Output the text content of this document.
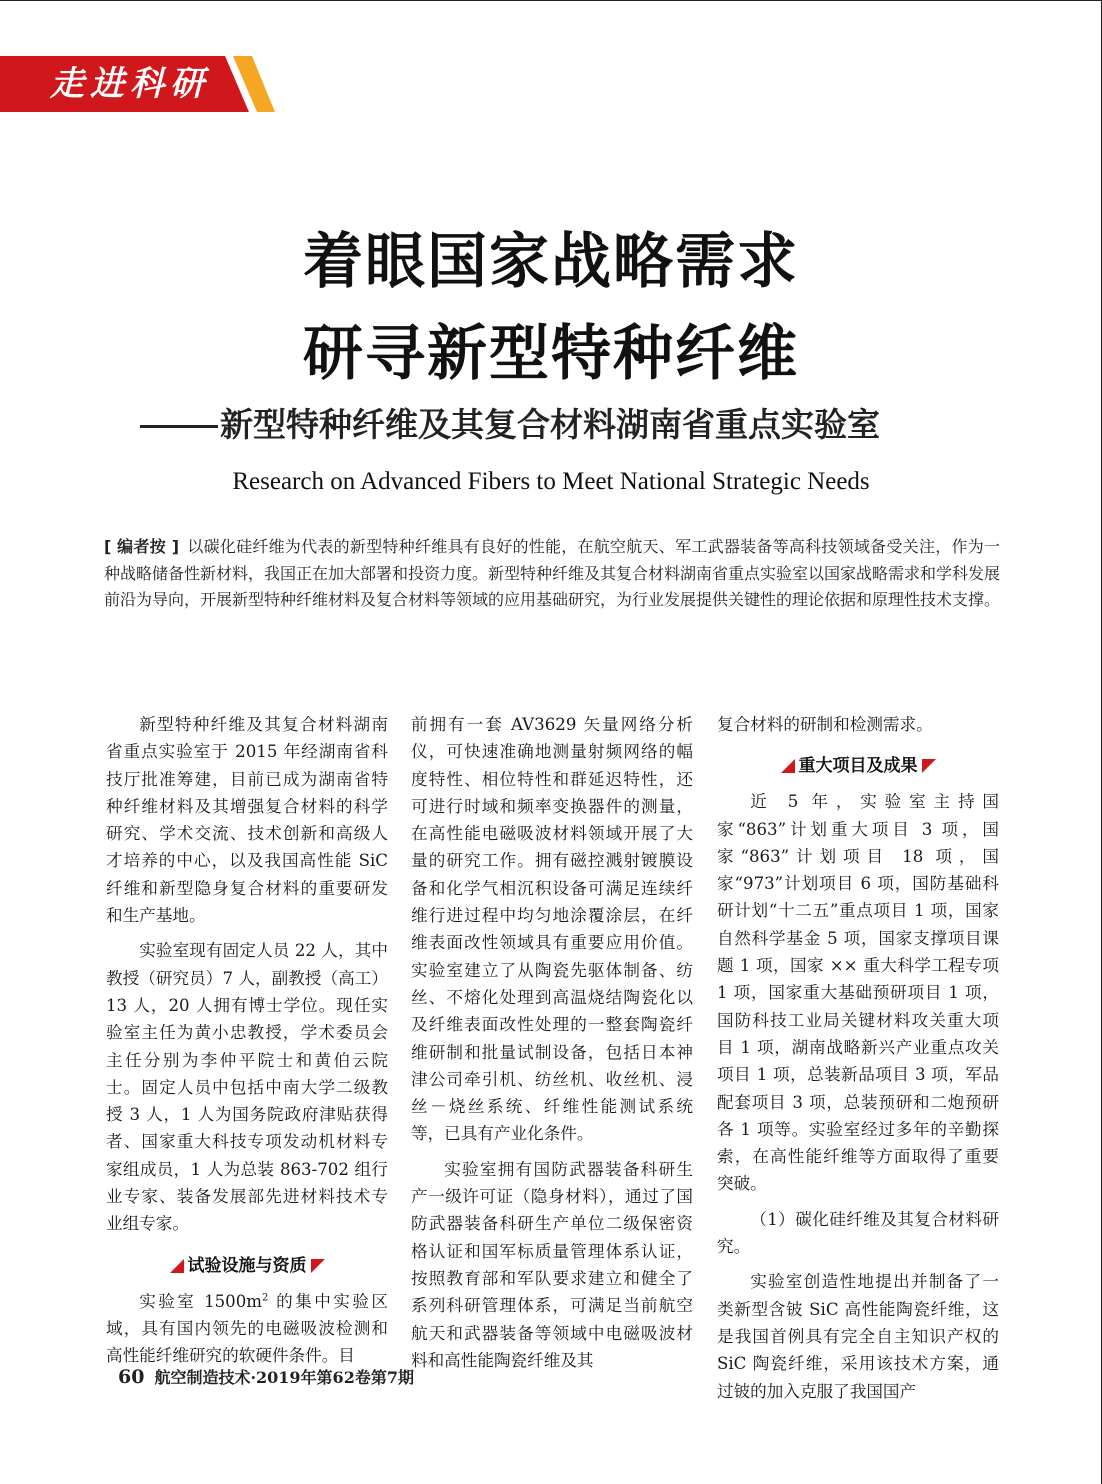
走进科研
着眼国家战略需求
研寻新型特种纤维
新型特种纤维及其复合材料湖南省重点实验室
Research on Advanced Fibers to Meet National Strategic Needs
[ 编者按 ] 以碳化硅纤维为代表的新型特种纤维具有良好的性能，在航空航天、军工武器装备等高科技领域备受关注，作为一种战略储备性新材料，我国正在加大部署和投资力度。新型特种纤维及其复合材料湖南省重点实验室以国家战略需求和学科发展前沿为导向，开展新型特种纤维材料及复合材料等领域的应用基础研究，为行业发展提供关键性的理论依据和原理性技术支撑。

新型特种纤维及其复合材料湖南省重点实验室于 2015 年经湖南省科技厅批准筹建，目前已成为湖南省特种纤维材料及其增强复合材料的科学研究、学术交流、技术创新和高级人才培养的中心，以及我国高性能 SiC 纤维和新型隐身复合材料的重要研发和生产基地。

实验室现有固定人员 22 人，其中教授（研究员）7 人，副教授（高工）13 人，20 人拥有博士学位。现任实验室主任为黄小忠教授，学术委员会主任分别为李仲平院士和黄伯云院士。固定人员中包括中南大学二级教授 3 人，1 人为国务院政府津贴获得者、国家重大科技专项发动机材料专家组成员，1 人为总装 863-702 组行业专家、装备发展部先进材料技术专业组专家。

试验设施与资质

实验室 $1500m^2$ 的集中实验区域，具有国内领先的电磁吸波检测和高性能纤维研究的软硬件条件。目

前拥有一套 AV3629 矢量网络分析仪，可快速准确地测量射频网络的幅度特性、相位特性和群延迟特性，还可进行时域和频率变换器件的测量，在高性能电磁吸波材料领域开展了大量的研究工作。拥有磁控溅射镀膜设备和化学气相沉积设备可满足连续纤维行进过程中均匀地涂覆涂层，在纤维表面改性领域具有重要应用价值。实验室建立了从陶瓷先驱体制备、纺丝、不熔化处理到高温烧结陶瓷化以及纤维表面改性处理的一整套陶瓷纤维研制和批量试制设备，包括日本神津公司牵引机、纺丝机、收丝机、浸丝－烧丝系统、纤维性能测试系统等，已具有产业化条件。

实验室拥有国防武器装备科研生产一级许可证（隐身材料），通过了国防武器装备科研生产单位二级保密资格认证和国军标质量管理体系认证，按照教育部和军队要求建立和健全了系列科研管理体系，可满足当前航空航天和武器装备等领域中电磁吸波材料和高性能陶瓷纤维及其

复合材料的研制和检测需求。

重大项目及成果

近 5 年，实验室主持国家“863”计划重大项目 3 项，国家“863”计划项目 18 项，国家“973”计划项目 6 项，国防基础科研计划“十二五”重点项目 1 项，国家自然科学基金 5 项，国家支撑项目课题 1 项，国家 ×× 重大科学工程专项 1 项，国家重大基础预研项目 1 项，国防科技工业局关键材料攻关重大项目 1 项，湖南战略新兴产业重点攻关项目 1 项，总装新品项目 3 项，军品配套项目 3 项，总装预研和二炮预研各 1 项等。实验室经过多年的辛勤探索，在高性能纤维等方面取得了重要突破。

（1）碳化硅纤维及其复合材料研究。

实验室创造性地提出并制备了一类新型含铍 SiC 高性能陶瓷纤维，这是我国首例具有完全自主知识产权的 SiC 陶瓷纤维，采用该技术方案，通过铍的加入克服了我国国产

60 航空制造技术·2019年第62卷第7期
